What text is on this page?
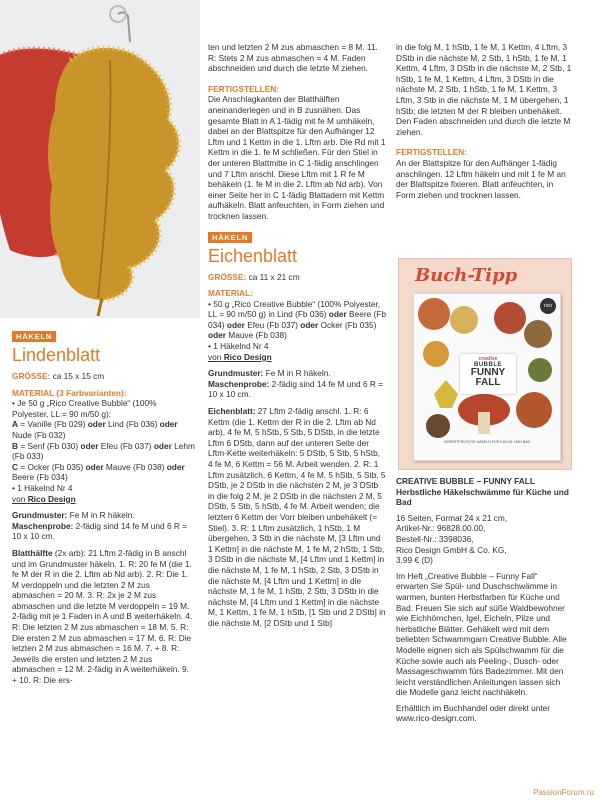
HÄKELN
Lindenblatt

GRÖSSE: ca 15 x 15 cm

MATERIAL (3 Farbvarianten):
• Je 50 g „Rico Creative Bubble“ (100% Polyester, LL = 90 m/50 g):
A = Vanille (Fb 029) oder Lind (Fb 036) oder Nude (Fb 032)
B = Senf (Fb 030) oder Efeu (Fb 037) oder Lehm (Fb 033)
C = Ocker (Fb 035) oder Mauve (Fb 038) oder Beere (Fb 034)
• 1 Häkelnd Nr 4
von Rico Design

Grundmuster: Fe M in R häkeln.
Maschenprobe: 2-fädig sind 14 fe M und 6 R = 10 x 10 cm.

Blatthälfte (2x arb): 21 Lftm 2-fädig in B anschl und im Grundmuster häkeln. 1. R: 20 fe M (die 1. fe M der R in die 2. Lftm ab Nd arb). 2. R: Die 1. M verdoppeln und die letzten 2 M zus abmaschen = 20 M. 3. R: 2x je 2 M zus abmaschen und die letzte M verdoppeln = 19 M. 2-fädig mit je 1 Faden in A und B weiterhäkeln. 4. R: Die letzten 2 M zus abmaschen = 18 M. 5. R: Die ersten 2 M zus abmaschen = 17 M. 6. R: Die letzten 2 M zus abmaschen = 16 M. 7. + 8. R: Jeweils die ersten und letzten 2 M zus abmaschen = 12 M. 2-fädig in A weiterhäkeln. 9. + 10. R: Die ers-

ten und letzten 2 M zus abmaschen = 8 M. 11. R: Stets 2 M zus abmaschen = 4 M. Faden abschneiden und durch die letzte M ziehen.

FERTIGSTELLEN:
Die Anschlagkanten der Blatthälften aneinanderlegen und in B zusnähen. Das gesamte Blatt in A 1-fädig mit fe M umhäkeln, dabei an der Blattspitze für den Aufhänger 12 Lftm und 1 Kettm in die 1. Lftm arb. Die Rd mit 1 Kettm in die 1. fe M schließen. Für den Stiel in der unteren Blattmitte in C 1-fädig anschlingen und 7 Lftm anschl. Diese Lftm mit 1 R fe M behäkeln (1. fe M in die 2. Lftm ab Nd arb). Von einer Seite her in C 1-fädig Blattadern mit Kettm aufhäkeln. Blatt anfeuchten, in Form ziehen und trocknen lassen.

HÄKELN
Eichenblatt

GRÖSSE: ca 11 x 21 cm

MATERIAL:
• 50 g „Rico Creative Bubble“ (100% Polyester, LL = 90 m/50 g) in Lind (Fb 036) oder Beere (Fb 034) oder Efeu (Fb 037) oder Ocker (Fb 035) oder Mauve (Fb 038)
• 1 Häkelnd Nr 4
von Rico Design

Grundmuster: Fe M in R häkeln.
Maschenprobe: 2-fädig sind 14 fe M und 6 R = 10 x 10 cm.

Eichenblatt: 27 Lftm 2-fädig anschl. 1. R: 6 Kettm (die 1. Kettm der R in die 2. Lftm ab Nd arb), 4 fe M, 5 hStb, 5 Stb, 5 DStb, in die letzte Lftm 6 DStb, dann auf der unteren Seite der Lftm-Kette weiterhäkeln: 5 DStb, 5 Stb, 5 hStb, 4 fe M, 6 Kettm = 56 M. Arbeit wenden. 2. R: 1 Lftm zusätzlich, 6 Kettm, 4 fe M, 5 hStb, 5 Stb, 5 DStb, je 2 DStb in die nächsten 2 M, je 3 DStb in die folg 2 M, je 2 DStb in die nächsten 2 M, 5 DStb, 5 Stb, 5 hStb, 4 fe M. Arbeit wenden; die letzten 6 Kettm der Vorr bleiben unbehäkelt (= Stiel). 3. R: 1 Lftm zusätzlich, 1 hStb, 1 M übergehen, 3 Stb in die nächste M, [3 Lftm und 1 Kettm] in die nächste M, 1 fe M, 2 hStb, 1 Stb, 3 DStb in die nächste M, [4 Lftm und 1 Kettm] in die nächste M, 1 fe M, 1 hStb, 2 Stb, 3 DStb in die nächste M, [4 Lftm und 1 Kettm] in die nächste M, 1 fe M, 1 hStb, 2 Stb, 3 DStb in die nächste M, [4 Lftm und 1 Kettm] in die nächste M, 1 Kettm, 1 fe M, 1 hStb, [1 Stb und 2 DStb] in die nächste M, [2 DStb und 1 Stb]

in die folg M, 1 hStb, 1 fe M, 1 Kettm, 4 Lftm, 3 DStb in die nächste M, 2 Stb, 1 hStb, 1 fe M, 1 Kettm, 4 Lftm, 3 DStb in die nächste M, 2 Stb, 1 hStb, 1 fe M, 1 Kettm, 4 Lftm, 3 DStb in die nächste M, 2 Stb, 1 hStb, 1 fe M, 1 Kettm, 3 Lftm, 3 Stb in die nächste M, 1 M übergehen, 1 hStb; die letzten M der R bleiben unbehäkelt. Den Faden abschneiden und durch die letzte M ziehen.

FERTIGSTELLEN:
An der Blattspitze für den Aufhänger 1-fädig anschlingen. 12 Lftm häkeln und mit 1 fe M an der Blattspitze fixieren. Blatt anfeuchten, in Form ziehen und trocknen lassen.

Buch-Tipp
rico
creative
BUBBLE
FUNNY FALL
HERBSTFRÜCHTE HÄKELN FÜR KÜCHE UND BAD

CREATIVE BUBBLE – FUNNY FALL
Herbstliche Häkelschwämme für Küche und Bad

16 Seiten, Format 24 x 21 cm,
Artikel-Nr.: 96828.00.00,
Bestell-Nr.: 3398036,
Rico Design GmbH & Co. KG,
3,99 € (D)

Im Heft „Creative Bubble – Funny Fall“ erwarten Sie Spül- und Duschschwämme in warmen, bunten Herbstfarben für Küche und Bad. Freuen Sie sich auf süße Waldbewohner wie Eichhörnchen, Igel, Eicheln, Pilze und herbstliche Blätter. Gehäkelt wird mit dem beliebten Schwammgarn Creative Bubble. Alle Modelle eignen sich als Spülschwamm für die Küche sowie auch als Peeling-, Dusch- oder Massageschwamm fürs Badezimmer. Mit den leicht verständlichen Anleitungen lassen sich die Modelle ganz leicht nachhäkeln.

Erhältlich im Buchhandel oder direkt unter www.rico-design.com.

PassionForum.ru
